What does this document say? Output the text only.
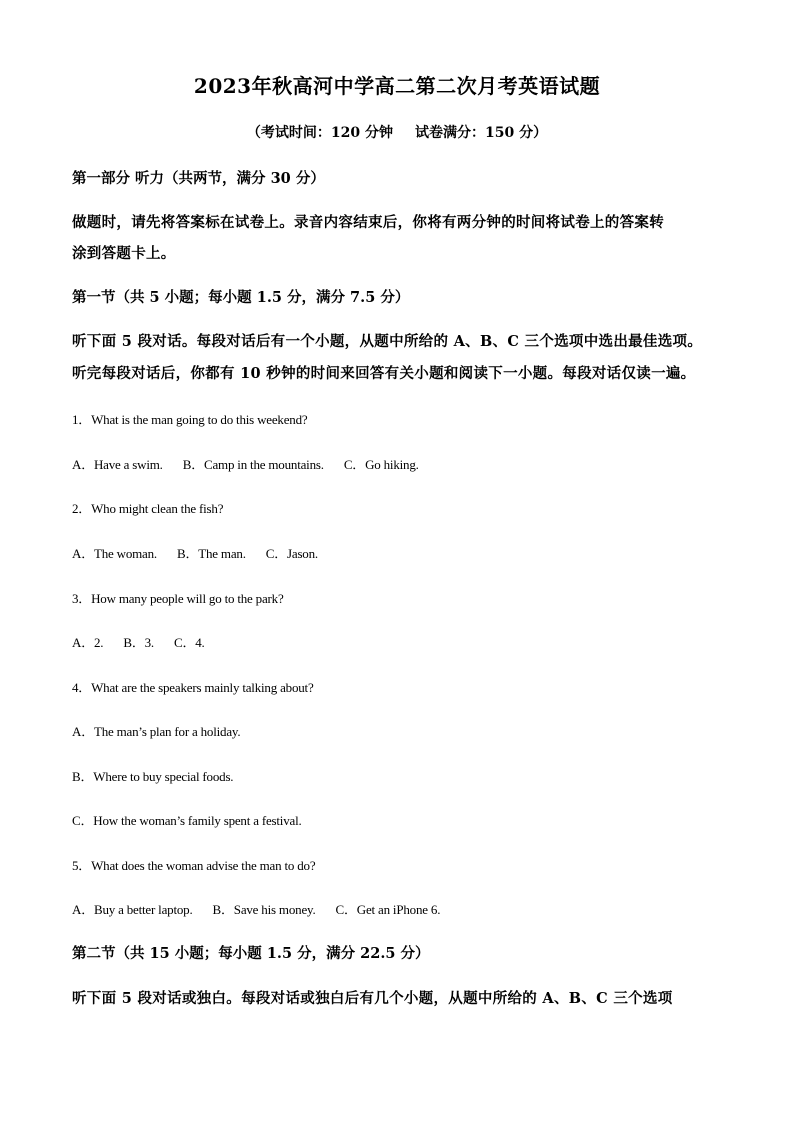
2023年秋高河中学高二第二次月考英语试题
（考试时间：120 分钟 试卷满分：150 分）
第一部分 听力（共两节，满分 30 分）
做题时，请先将答案标在试卷上。录音内容结束后，你将有两分钟的时间将试卷上的答案转
涂到答题卡上。
第一节（共 5 小题；每小题 1.5 分，满分 7.5 分）
听下面 5 段对话。每段对话后有一个小题，从题中所给的 A、B、C 三个选项中选出最佳选项。
听完每段对话后，你都有 10 秒钟的时间来回答有关小题和阅读下一小题。每段对话仅读一遍。
1．What is the man going to do this weekend?
A．Have a swim. B．Camp in the mountains. C．Go hiking.
2．Who might clean the fish?
A．The woman. B．The man. C．Jason.
3．How many people will go to the park?
A．2. B．3. C．4.
4．What are the speakers mainly talking about?
A．The man’s plan for a holiday.
B．Where to buy special foods.
C．How the woman’s family spent a festival.
5．What does the woman advise the man to do?
A．Buy a better laptop. B．Save his money. C．Get an iPhone 6.
第二节（共 15 小题；每小题 1.5 分，满分 22.5 分）
听下面 5 段对话或独白。每段对话或独白后有几个小题，从题中所给的 A、B、C 三个选项
